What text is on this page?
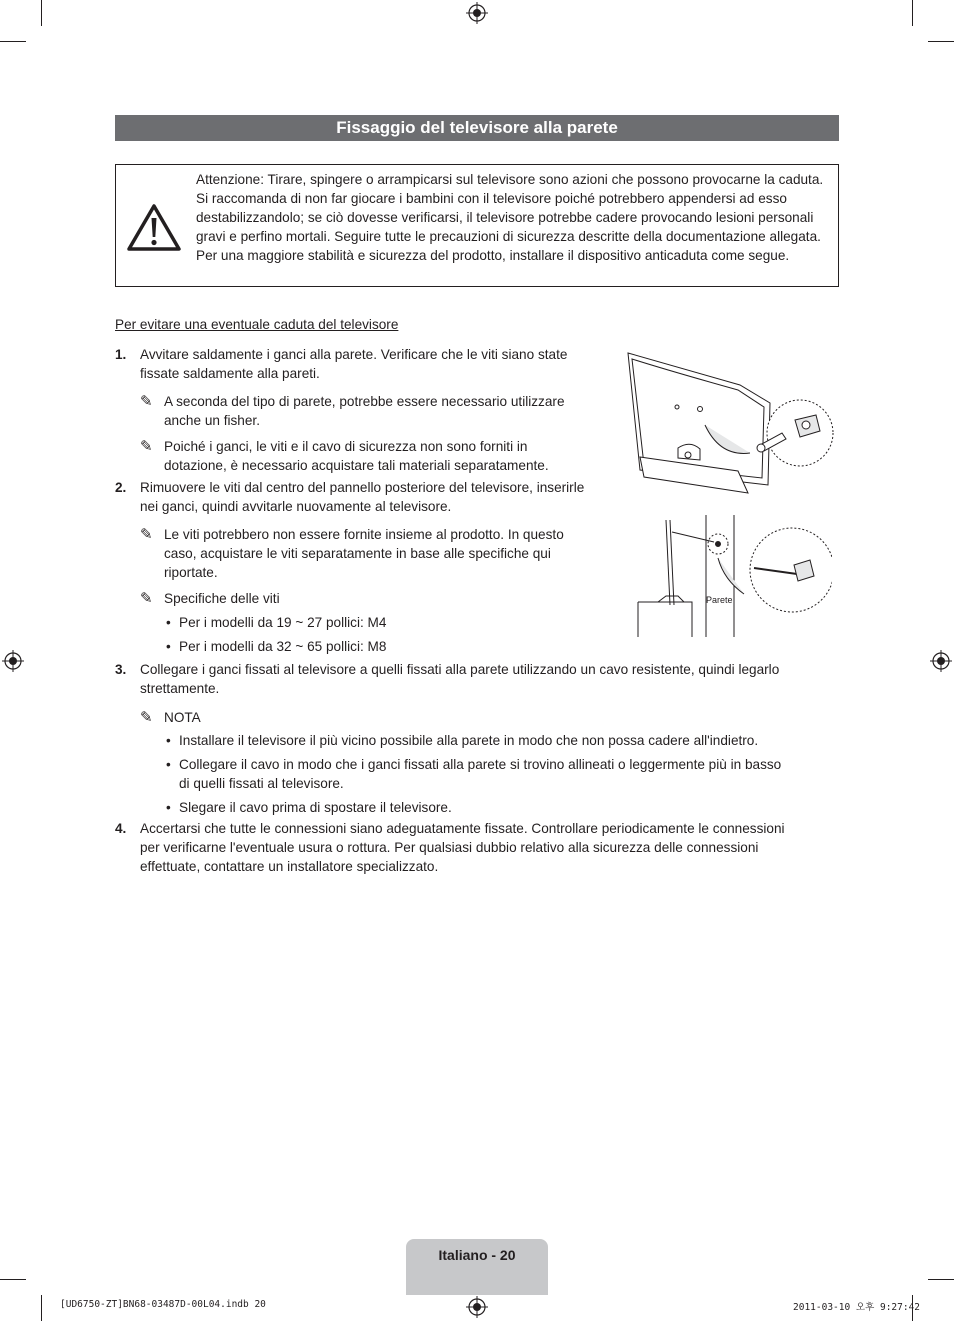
Fissaggio del televisore alla parete
Attenzione: Tirare, spingere o arrampicarsi sul televisore sono azioni che possono provocarne la caduta. Si raccomanda di non far giocare i bambini con il televisore poiché potrebbero appendersi ad esso destabilizzandolo; se ciò dovesse verificarsi, il televisore potrebbe cadere provocando lesioni personali gravi e perfino mortali. Seguire tutte le precauzioni di sicurezza descritte della documentazione allegata. Per una maggiore stabilità e sicurezza del prodotto, installare il dispositivo anticaduta come segue.
Per evitare una eventuale caduta del televisore
1. Avvitare saldamente i ganci alla parete. Verificare che le viti siano state
fissate saldamente alla pareti.
✎ A seconda del tipo di parete, potrebbe essere necessario utilizzare
anche un fisher.
✎ Poiché i ganci, le viti e il cavo di sicurezza non sono forniti in
dotazione, è necessario acquistare tali materiali separatamente.
2. Rimuovere le viti dal centro del pannello posteriore del televisore, inserirle
nei ganci, quindi avvitarle nuovamente al televisore.
✎ Le viti potrebbero non essere fornite insieme al prodotto. In questo
caso, acquistare le viti separatamente in base alle specifiche qui
riportate.
✎ Specifiche delle viti
• Per i modelli da 19 ~ 27 pollici: M4
• Per i modelli da 32 ~ 65 pollici: M8
3. Collegare i ganci fissati al televisore a quelli fissati alla parete utilizzando un cavo resistente, quindi legarlo
strettamente.
✎ NOTA
• Installare il televisore il più vicino possibile alla parete in modo che non possa cadere all'indietro.
• Collegare il cavo in modo che i ganci fissati alla parete si trovino allineati o leggermente più in basso
di quelli fissati al televisore.
• Slegare il cavo prima di spostare il televisore.
4. Accertarsi che tutte le connessioni siano adeguatamente fissate. Controllare periodicamente le connessioni
per verificarne l'eventuale usura o rottura. Per qualsiasi dubbio relativo alla sicurezza delle connessioni
effettuate, contattare un installatore specializzato.
Parete
Italiano - 20
[UD6750-ZT]BN68-03487D-00L04.indb 20	2011-03-10 오후 9:27:42
